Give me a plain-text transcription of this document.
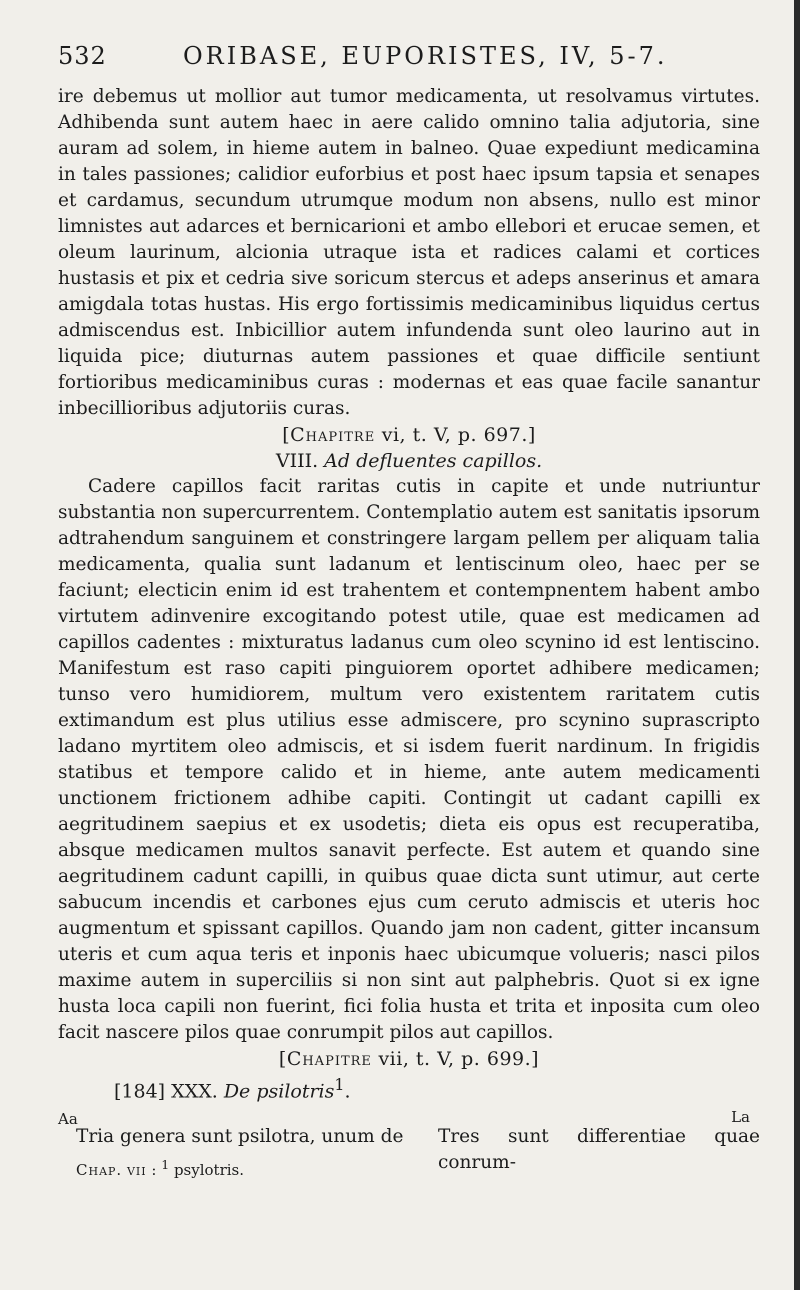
532	ORIBASE, EUPORISTES, IV, 5-7.

ire debemus ut mollior aut tumor medicamenta, ut resolvamus virtutes. Adhibenda sunt autem haec in aere calido omnino talia adjutoria, sine auram ad solem, in hieme autem in balneo. Quae expediunt medicamina in tales passiones; calidior euforbius et post haec ipsum tapsia et senapes et cardamus, secundum utrumque modum non absens, nullo est minor limnistes aut adarces et bernicarioni et ambo ellebori et erucae semen, et oleum laurinum, alcionia utraque ista et radices calami et cortices hustasis et pix et cedria sive soricum stercus et adeps anserinus et amara amigdala totas hustas. His ergo fortissimis medicaminibus liquidus certus admiscendus est. Inbicillior autem infundenda sunt oleo laurino aut in liquida pice; diuturnas autem passiones et quae difficile sentiunt fortioribus medicaminibus curas : modernas et eas quae facile sanantur inbecillioribus adjutoriis curas.

[Chapitre vi, t. V, p. 697.]

VIII. Ad defluentes capillos.

Cadere capillos facit raritas cutis in capite et unde nutriuntur substantia non supercurrentem. Contemplatio autem est sanitatis ipsorum adtrahendum sanguinem et constringere largam pellem per aliquam talia medicamenta, qualia sunt ladanum et lentiscinum oleo, haec per se faciunt; electicin enim id est trahentem et contempnentem habent ambo virtutem adinvenire excogitando potest utile, quae est medicamen ad capillos cadentes : mixturatus ladanus cum oleo scynino id est lentiscino. Manifestum est raso capiti pinguiorem oportet adhibere medicamen; tunso vero humidiorem, multum vero existentem raritatem cutis extimandum est plus utilius esse admiscere, pro scynino suprascripto ladano myrtitem oleo admiscis, et si isdem fuerit nardinum. In frigidis statibus et tempore calido et in hieme, ante autem medicamenti unctionem frictionem adhibe capiti. Contingit ut cadant capilli ex aegritudinem saepius et ex usodetis; dieta eis opus est recuperatiba, absque medicamen multos sanavit perfecte. Est autem et quando sine aegritudinem cadunt capilli, in quibus quae dicta sunt utimur, aut certe sabucum incendis et carbones ejus cum ceruto admiscis et uteris hoc augmentum et spissant capillos. Quando jam non cadent, gitter incansum uteris et cum aqua teris et inponis haec ubicumque volueris; nasci pilos maxime autem in superciliis si non sint aut palphebris. Quot si ex igne husta loca capili non fuerint, fici folia husta et trita et inposita cum oleo facit nascere pilos quae conrumpit pilos aut capillos.

[Chapitre vii, t. V, p. 699.]

[184] XXX. De psilotris$^1$.

Aa	La
Tria genera sunt psilotra, unum de Tres sunt differentiae quae conrum-

Chap. vii : $^1$ psylotris.
